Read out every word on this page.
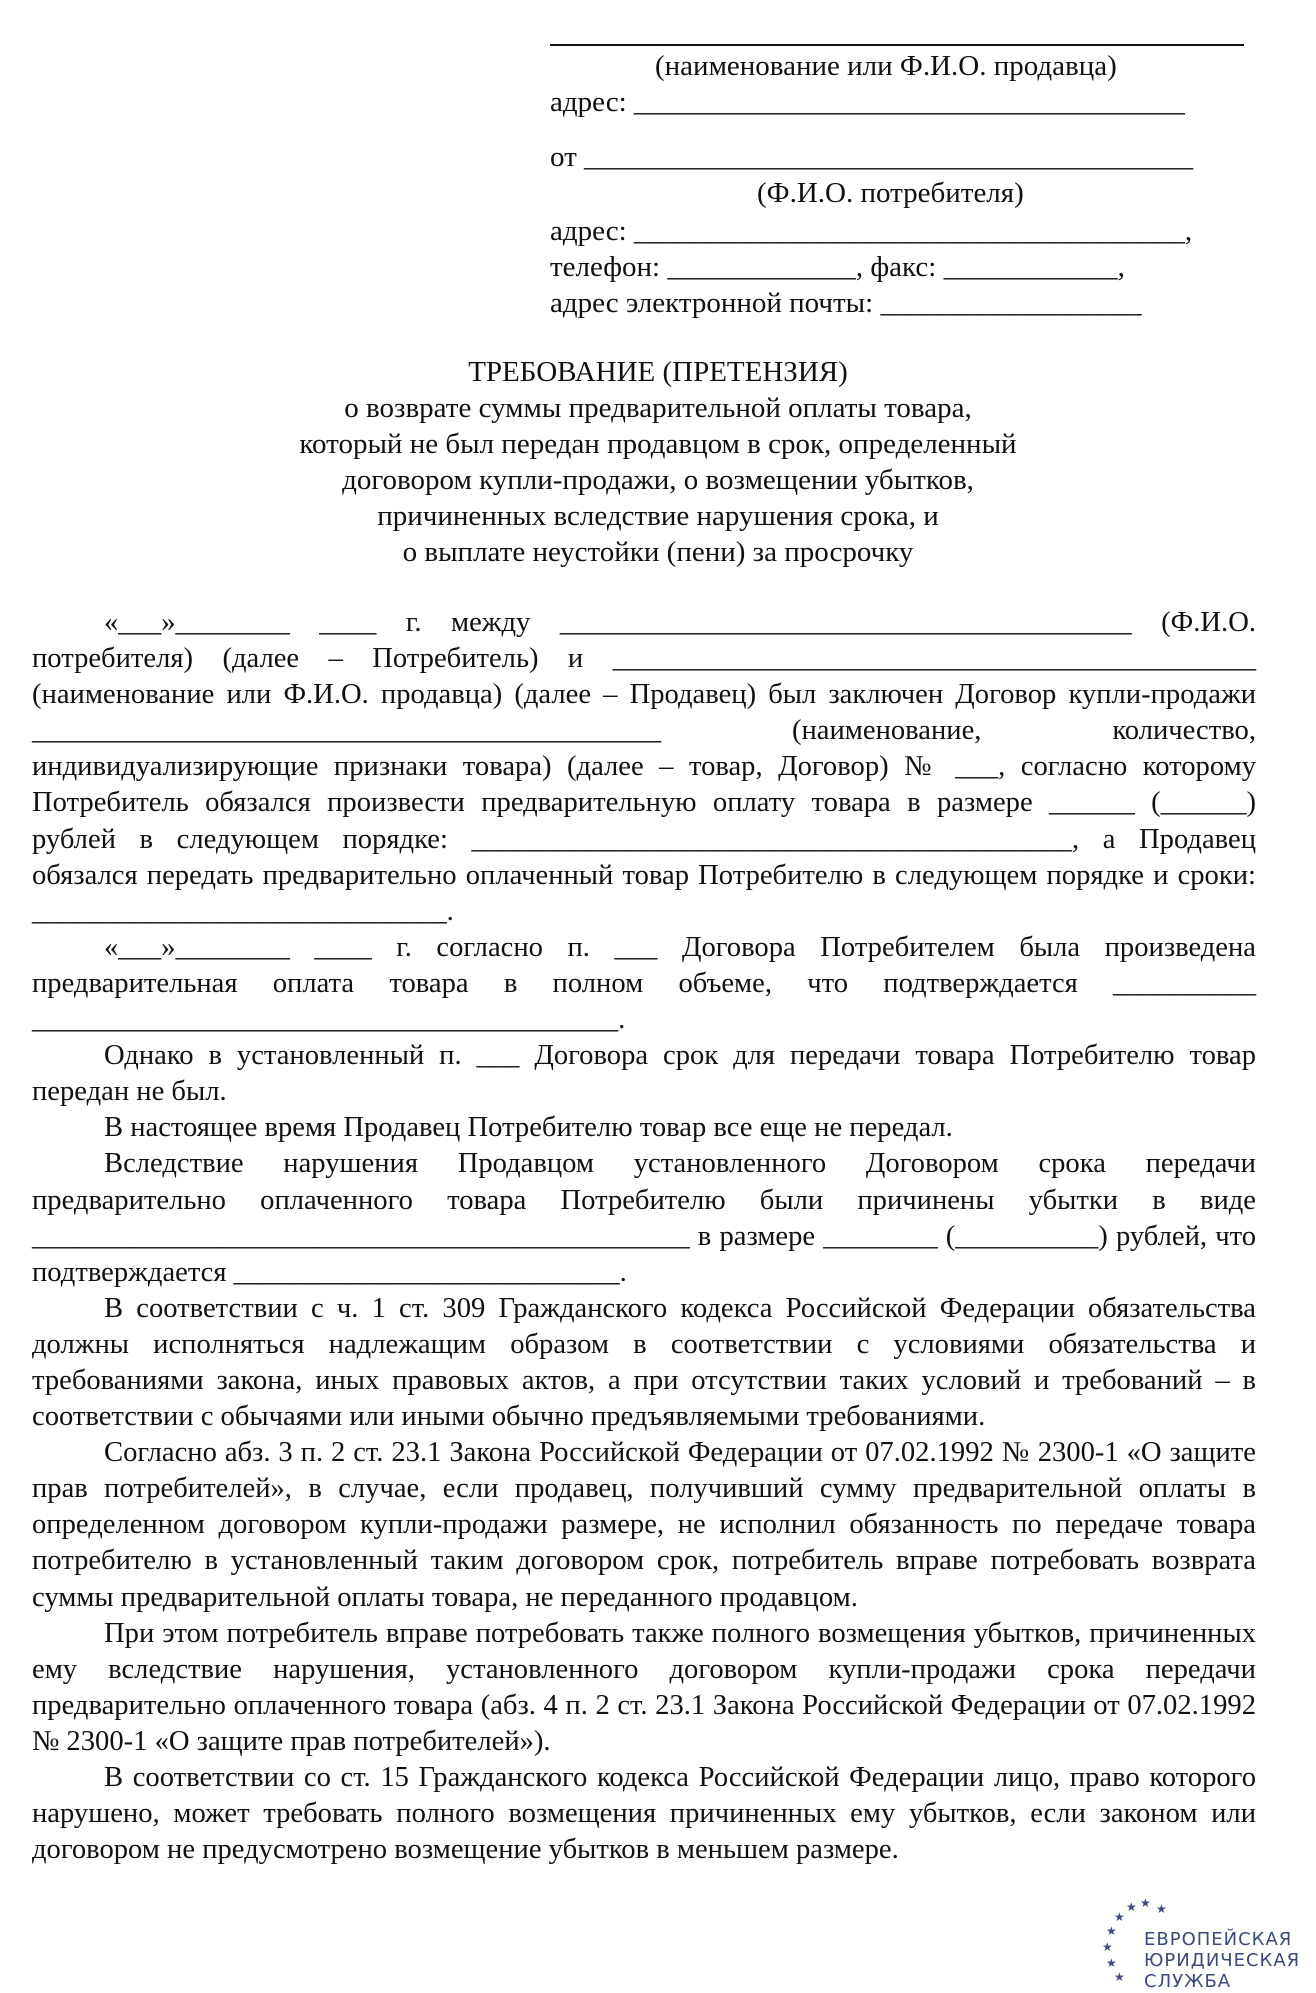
(наименование или Ф.И.О. продавца)
адрес: ______________________________________
от __________________________________________
(Ф.И.О. потребителя)
адрес: ______________________________________,
телефон: _____________, факс: ____________,
адрес электронной почты: __________________
ТРЕБОВАНИЕ (ПРЕТЕНЗИЯ)
о возврате суммы предварительной оплаты товара,
который не был передан продавцом в срок, определенный
договором купли-продажи, о возмещении убытков,
причиненных вследствие нарушения срока, и
о выплате неустойки (пени) за просрочку

«___»________ ____ г. между ________________________________________ (Ф.И.О. потребителя) (далее – Потребитель) и _____________________________________________ (наименование или Ф.И.О. продавца) (далее – Продавец) был заключен Договор купли-продажи ____________________________________________ (наименование, количество, индивидуализирующие признаки товара) (далее – товар, Договор) № ___, согласно которому Потребитель обязался произвести предварительную оплату товара в размере ______ (______) рублей в следующем порядке: __________________________________________, а Продавец обязался передать предварительно оплаченный товар Потребителю в следующем порядке и сроки: _____________________________.

«___»________ ____ г. согласно п. ___ Договора Потребителем была произведена предварительная оплата товара в полном объеме, что подтверждается __________ _________________________________________.

Однако в установленный п. ___ Договора срок для передачи товара Потребителю товар передан не был.

В настоящее время Продавец Потребителю товар все еще не передал.

Вследствие нарушения Продавцом установленного Договором срока передачи предварительно оплаченного товара Потребителю были причинены убытки в виде ______________________________________________ в размере ________ (__________) рублей, что подтверждается ___________________________.

В соответствии с ч. 1 ст. 309 Гражданского кодекса Российской Федерации обязательства должны исполняться надлежащим образом в соответствии с условиями обязательства и требованиями закона, иных правовых актов, а при отсутствии таких условий и требований – в соответствии с обычаями или иными обычно предъявляемыми требованиями.

Согласно абз. 3 п. 2 ст. 23.1 Закона Российской Федерации от 07.02.1992 № 2300-1 «О защите прав потребителей», в случае, если продавец, получивший сумму предварительной оплаты в определенном договором купли-продажи размере, не исполнил обязанность по передаче товара потребителю в установленный таким договором срок, потребитель вправе потребовать возврата суммы предварительной оплаты товара, не переданного продавцом.

При этом потребитель вправе потребовать также полного возмещения убытков, причиненных ему вследствие нарушения, установленного договором купли-продажи срока передачи предварительно оплаченного товара (абз. 4 п. 2 ст. 23.1 Закона Российской Федерации от 07.02.1992 № 2300-1 «О защите прав потребителей»).

В соответствии со ст. 15 Гражданского кодекса Российской Федерации лицо, право которого нарушено, может требовать полного возмещения причиненных ему убытков, если законом или договором не предусмотрено возмещение убытков в меньшем размере.

★
★
★
★
★
★
★
★
ЕВРОПЕЙСКАЯ
ЮРИДИЧЕСКАЯ
СЛУЖБА
